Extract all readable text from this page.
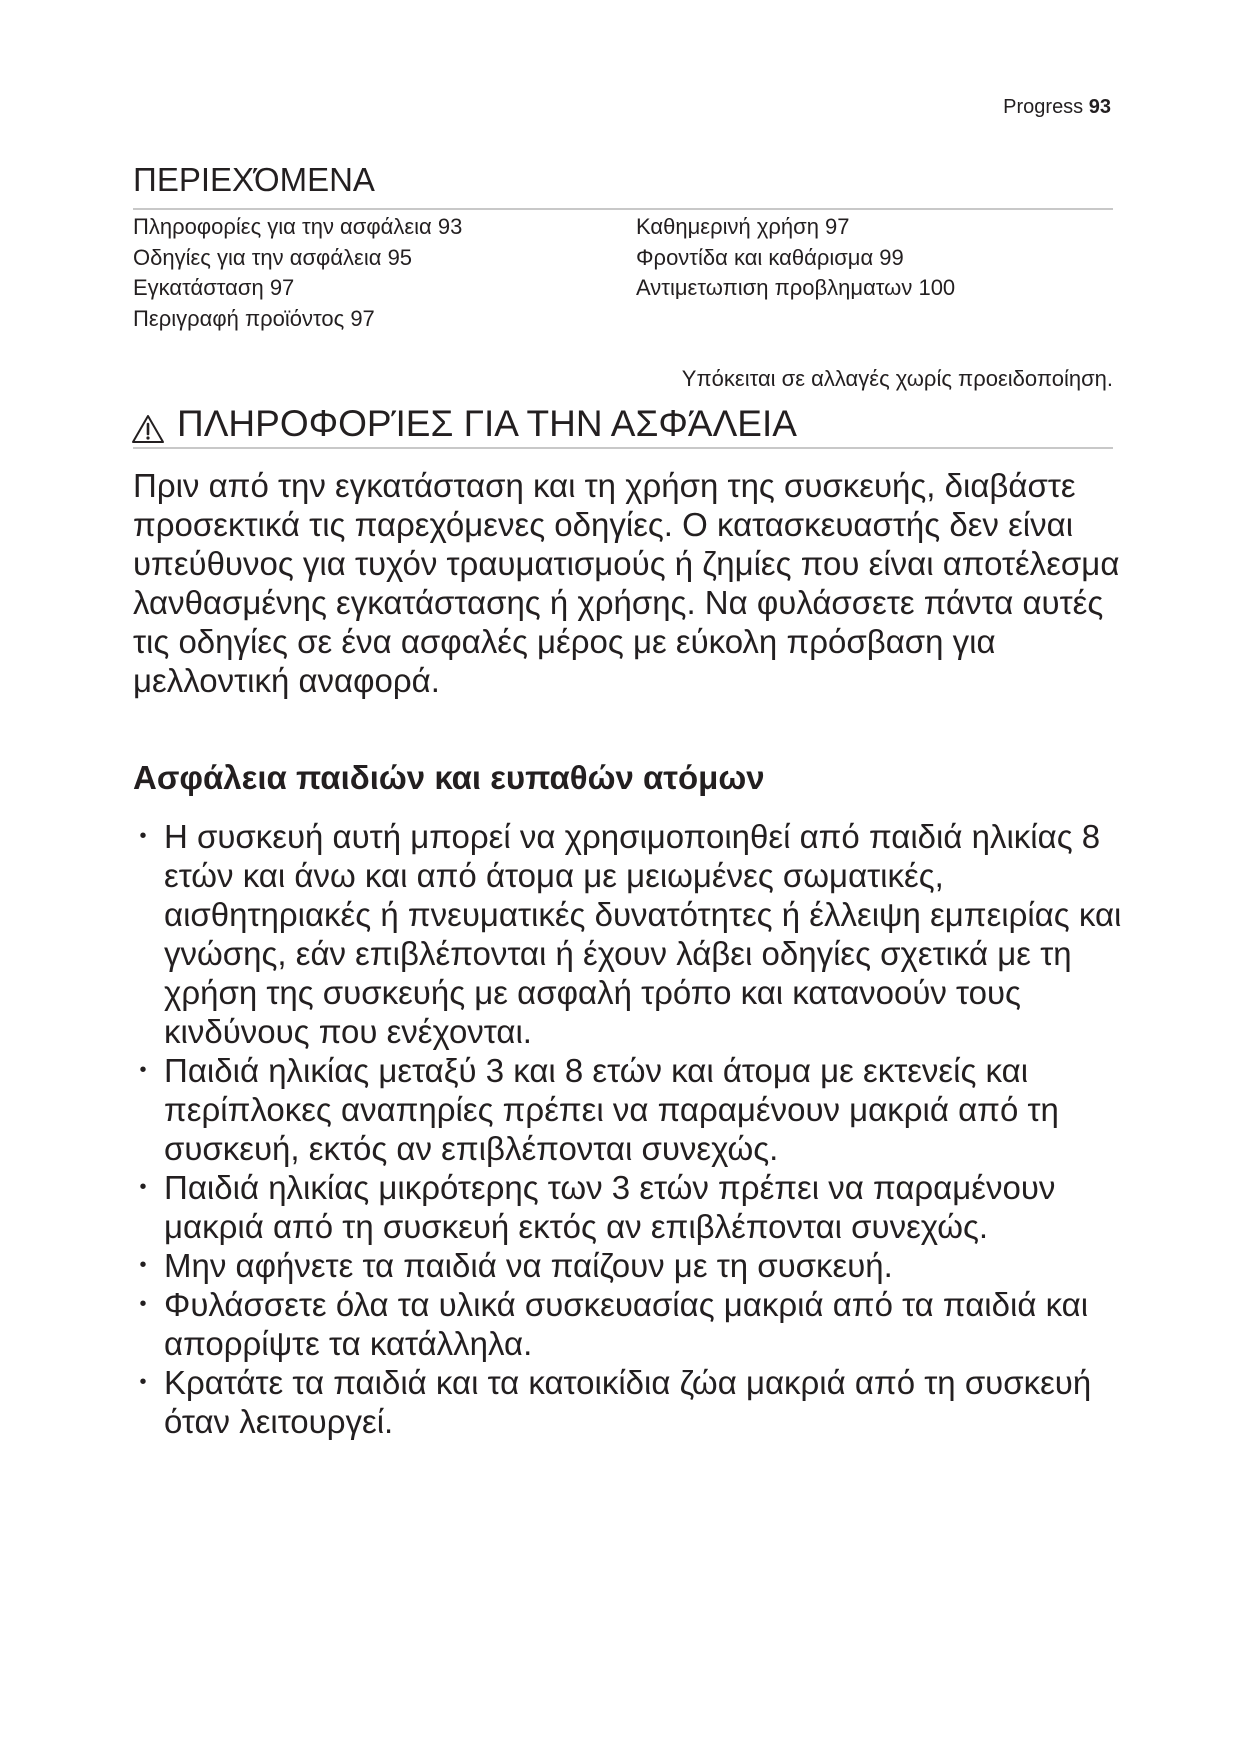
Progress 93
ΠΕΡΙΕΧΌΜΕΝΑ
Πληροφορίες για την ασφάλεια 93
Οδηγίες για την ασφάλεια 95
Εγκατάσταση 97
Περιγραφή προϊόντος 97
Καθημερινή χρήση 97
Φροντίδα και καθάρισμα 99
Αντιμετωπιση προβληματων 100
Υπόκειται σε αλλαγές χωρίς προειδοποίηση.
ΠΛΗΡΟΦΟΡΊΕΣ ΓΙΑ ΤΗΝ ΑΣΦΆΛΕΙΑ
Πριν από την εγκατάσταση και τη χρήση της συσκευής, διαβάστε προσεκτικά τις παρεχόμενες οδηγίες. Ο κατασκευαστής δεν είναι υπεύθυνος για τυχόν τραυματισμούς ή ζημίες που είναι αποτέλεσμα λανθασμένης εγκατάστασης ή χρήσης. Να φυλάσσετε πάντα αυτές τις οδηγίες σε ένα ασφαλές μέρος με εύκολη πρόσβαση για μελλοντική αναφορά.
Ασφάλεια παιδιών και ευπαθών ατόμων
• Η συσκευή αυτή μπορεί να χρησιμοποιηθεί από παιδιά ηλικίας 8 ετών και άνω και από άτομα με μειωμένες σωματικές, αισθητηριακές ή πνευματικές δυνατότητες ή έλλειψη εμπειρίας και γνώσης, εάν επιβλέπονται ή έχουν λάβει οδηγίες σχετικά με τη χρήση της συσκευής με ασφαλή τρόπο και κατανοούν τους κινδύνους που ενέχονται.
• Παιδιά ηλικίας μεταξύ 3 και 8 ετών και άτομα με εκτενείς και περίπλοκες αναπηρίες πρέπει να παραμένουν μακριά από τη συσκευή, εκτός αν επιβλέπονται συνεχώς.
• Παιδιά ηλικίας μικρότερης των 3 ετών πρέπει να παραμένουν μακριά από τη συσκευή εκτός αν επιβλέπονται συνεχώς.
• Μην αφήνετε τα παιδιά να παίζουν με τη συσκευή.
• Φυλάσσετε όλα τα υλικά συσκευασίας μακριά από τα παιδιά και απορρίψτε τα κατάλληλα.
• Κρατάτε τα παιδιά και τα κατοικίδια ζώα μακριά από τη συσκευή όταν λειτουργεί.
